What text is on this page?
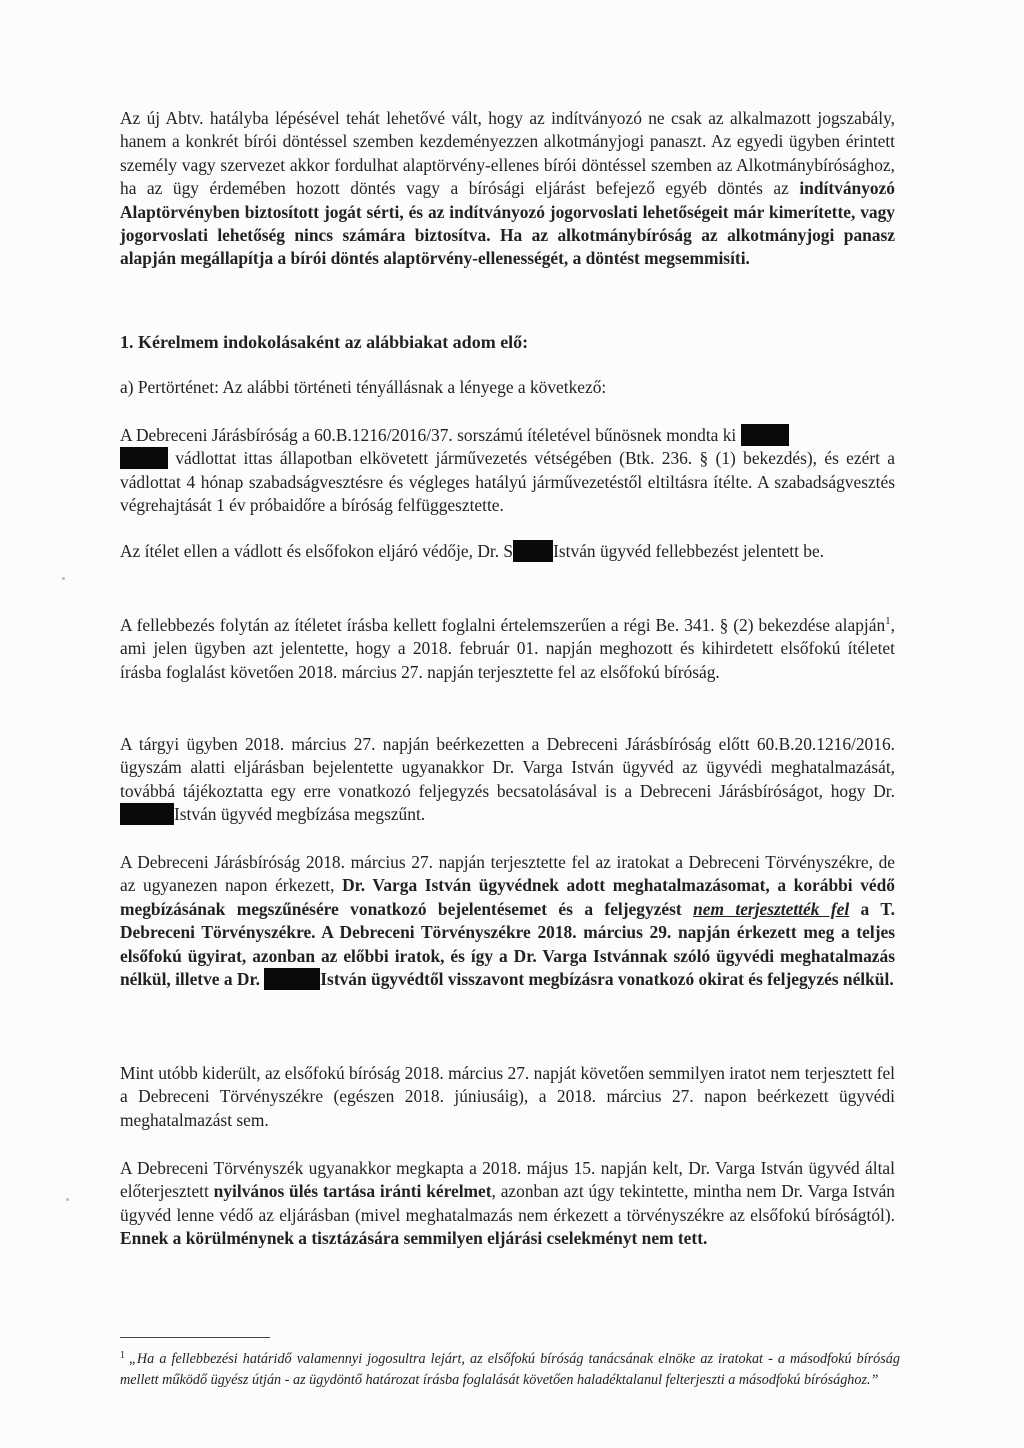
Az új Abtv. hatályba lépésével tehát lehetővé vált, hogy az indítványozó ne csak az alkalmazott jogszabály, hanem a konkrét bírói döntéssel szemben kezdeményezzen alkotmányjogi panaszt. Az egyedi ügyben érintett személy vagy szervezet akkor fordulhat alaptörvény-ellenes bírói döntéssel szemben az Alkotmánybírósághoz, ha az ügy érdemében hozott döntés vagy a bírósági eljárást befejező egyéb döntés az indítványozó Alaptörvényben biztosított jogát sérti, és az indítványozó jogorvoslati lehetőségeit már kimerítette, vagy jogorvoslati lehetőség nincs számára biztosítva. Ha az alkotmánybíróság az alkotmányjogi panasz alapján megállapítja a bírói döntés alaptörvény-ellenességét, a döntést megsemmisíti.

1. Kérelmem indokolásaként az alábbiakat adom elő:

a) Pertörténet: Az alábbi történeti tényállásnak a lényege a következő:

A Debreceni Járásbíróság a 60.B.1216/2016/37. sorszámú ítéletével bűnösnek mondta ki
vádlottat ittas állapotban elkövetett járművezetés vétségében (Btk. 236. § (1) bekezdés), és ezért a vádlottat 4 hónap szabadságvesztésre és végleges hatályú járművezetéstől eltiltásra ítélte. A szabadságvesztés végrehajtását 1 év próbaidőre a bíróság felfüggesztette.

Az ítélet ellen a vádlott és elsőfokon eljáró védője, Dr. S István ügyvéd fellebbezést jelentett be.

A fellebbezés folytán az ítéletet írásba kellett foglalni értelemszerűen a régi Be. 341. § (2) bekezdése alapján$^1$, ami jelen ügyben azt jelentette, hogy a 2018. február 01. napján meghozott és kihirdetett elsőfokú ítéletet írásba foglalást követően 2018. március 27. napján terjesztette fel az elsőfokú bíróság.

A tárgyi ügyben 2018. március 27. napján beérkezetten a Debreceni Járásbíróság előtt 60.B.20.1216/2016. ügyszám alatti eljárásban bejelentette ugyanakkor Dr. Varga István ügyvéd az ügyvédi meghatalmazását, továbbá tájékoztatta egy erre vonatkozó feljegyzés becsatolásával is a Debreceni Járásbíróságot, hogy Dr. István ügyvéd megbízása megszűnt.

A Debreceni Járásbíróság 2018. március 27. napján terjesztette fel az iratokat a Debreceni Törvényszékre, de az ugyanezen napon érkezett, Dr. Varga István ügyvédnek adott meghatalmazásomat, a korábbi védő megbízásának megszűnésére vonatkozó bejelentésemet és a feljegyzést nem terjesztették fel a T. Debreceni Törvényszékre. A Debreceni Törvényszékre 2018. március 29. napján érkezett meg a teljes elsőfokú ügyirat, azonban az előbbi iratok, és így a Dr. Varga Istvánnak szóló ügyvédi meghatalmazás nélkül, illetve a Dr.	István ügyvédtől visszavont megbízásra vonatkozó okirat és feljegyzés nélkül.

Mint utóbb kiderült, az elsőfokú bíróság 2018. március 27. napját követően semmilyen iratot nem terjesztett fel a Debreceni Törvényszékre (egészen 2018. júniusáig), a 2018. március 27. napon beérkezett ügyvédi meghatalmazást sem.

A Debreceni Törvényszék ugyanakkor megkapta a 2018. május 15. napján kelt, Dr. Varga István ügyvéd által előterjesztett nyilvános ülés tartása iránti kérelmet, azonban azt úgy tekintette, mintha nem Dr. Varga István ügyvéd lenne védő az eljárásban (mivel meghatalmazás nem érkezett a törvényszékre az elsőfokú bíróságtól). Ennek a körülménynek a tisztázására semmilyen eljárási cselekményt nem tett.

$^1$ „Ha a fellebbezési határidő valamennyi jogosultra lejárt, az elsőfokú bíróság tanácsának elnöke az iratokat - a másodfokú bíróság mellett működő ügyész útján - az ügydöntő határozat írásba foglalását követően haladéktalanul felterjeszti a másodfokú bírósághoz.”
